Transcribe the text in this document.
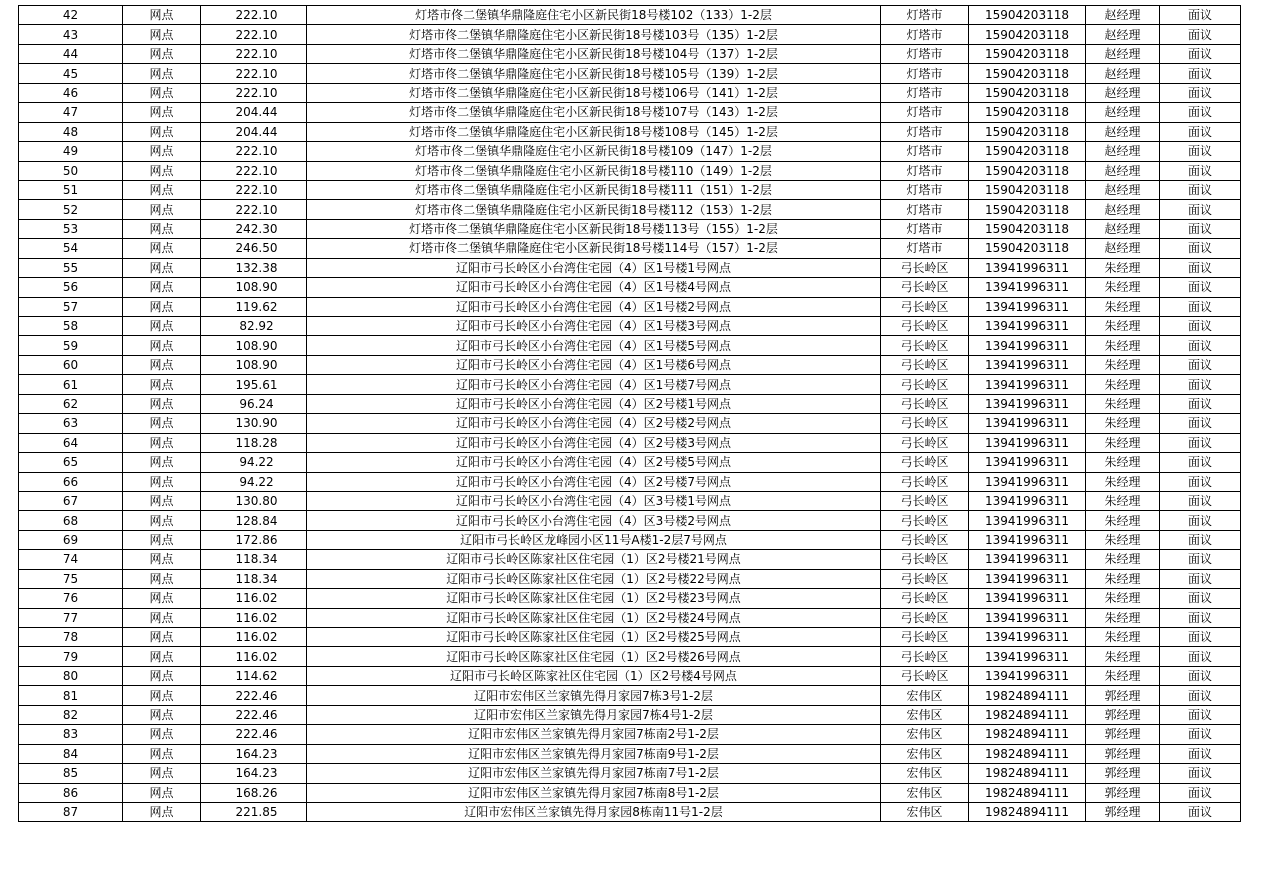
42	网点	222.10	灯塔市佟二堡镇华鼎隆庭住宅小区新民街18号楼102（133）1-2层	灯塔市	15904203118	赵经理	面议
43	网点	222.10	灯塔市佟二堡镇华鼎隆庭住宅小区新民街18号楼103号（135）1-2层	灯塔市	15904203118	赵经理	面议
44	网点	222.10	灯塔市佟二堡镇华鼎隆庭住宅小区新民街18号楼104号（137）1-2层	灯塔市	15904203118	赵经理	面议
45	网点	222.10	灯塔市佟二堡镇华鼎隆庭住宅小区新民街18号楼105号（139）1-2层	灯塔市	15904203118	赵经理	面议
46	网点	222.10	灯塔市佟二堡镇华鼎隆庭住宅小区新民街18号楼106号（141）1-2层	灯塔市	15904203118	赵经理	面议
47	网点	204.44	灯塔市佟二堡镇华鼎隆庭住宅小区新民街18号楼107号（143）1-2层	灯塔市	15904203118	赵经理	面议
48	网点	204.44	灯塔市佟二堡镇华鼎隆庭住宅小区新民街18号楼108号（145）1-2层	灯塔市	15904203118	赵经理	面议
49	网点	222.10	灯塔市佟二堡镇华鼎隆庭住宅小区新民街18号楼109（147）1-2层	灯塔市	15904203118	赵经理	面议
50	网点	222.10	灯塔市佟二堡镇华鼎隆庭住宅小区新民街18号楼110（149）1-2层	灯塔市	15904203118	赵经理	面议
51	网点	222.10	灯塔市佟二堡镇华鼎隆庭住宅小区新民街18号楼111（151）1-2层	灯塔市	15904203118	赵经理	面议
52	网点	222.10	灯塔市佟二堡镇华鼎隆庭住宅小区新民街18号楼112（153）1-2层	灯塔市	15904203118	赵经理	面议
53	网点	242.30	灯塔市佟二堡镇华鼎隆庭住宅小区新民街18号楼113号（155）1-2层	灯塔市	15904203118	赵经理	面议
54	网点	246.50	灯塔市佟二堡镇华鼎隆庭住宅小区新民街18号楼114号（157）1-2层	灯塔市	15904203118	赵经理	面议
55	网点	132.38	辽阳市弓长岭区小台湾住宅园（4）区1号楼1号网点	弓长岭区	13941996311	朱经理	面议
56	网点	108.90	辽阳市弓长岭区小台湾住宅园（4）区1号楼4号网点	弓长岭区	13941996311	朱经理	面议
57	网点	119.62	辽阳市弓长岭区小台湾住宅园（4）区1号楼2号网点	弓长岭区	13941996311	朱经理	面议
58	网点	82.92	辽阳市弓长岭区小台湾住宅园（4）区1号楼3号网点	弓长岭区	13941996311	朱经理	面议
59	网点	108.90	辽阳市弓长岭区小台湾住宅园（4）区1号楼5号网点	弓长岭区	13941996311	朱经理	面议
60	网点	108.90	辽阳市弓长岭区小台湾住宅园（4）区1号楼6号网点	弓长岭区	13941996311	朱经理	面议
61	网点	195.61	辽阳市弓长岭区小台湾住宅园（4）区1号楼7号网点	弓长岭区	13941996311	朱经理	面议
62	网点	96.24	辽阳市弓长岭区小台湾住宅园（4）区2号楼1号网点	弓长岭区	13941996311	朱经理	面议
63	网点	130.90	辽阳市弓长岭区小台湾住宅园（4）区2号楼2号网点	弓长岭区	13941996311	朱经理	面议
64	网点	118.28	辽阳市弓长岭区小台湾住宅园（4）区2号楼3号网点	弓长岭区	13941996311	朱经理	面议
65	网点	94.22	辽阳市弓长岭区小台湾住宅园（4）区2号楼5号网点	弓长岭区	13941996311	朱经理	面议
66	网点	94.22	辽阳市弓长岭区小台湾住宅园（4）区2号楼7号网点	弓长岭区	13941996311	朱经理	面议
67	网点	130.80	辽阳市弓长岭区小台湾住宅园（4）区3号楼1号网点	弓长岭区	13941996311	朱经理	面议
68	网点	128.84	辽阳市弓长岭区小台湾住宅园（4）区3号楼2号网点	弓长岭区	13941996311	朱经理	面议
69	网点	172.86	辽阳市弓长岭区龙峰园小区11号A楼1-2层7号网点	弓长岭区	13941996311	朱经理	面议
74	网点	118.34	辽阳市弓长岭区陈家社区住宅园（1）区2号楼21号网点	弓长岭区	13941996311	朱经理	面议
75	网点	118.34	辽阳市弓长岭区陈家社区住宅园（1）区2号楼22号网点	弓长岭区	13941996311	朱经理	面议
76	网点	116.02	辽阳市弓长岭区陈家社区住宅园（1）区2号楼23号网点	弓长岭区	13941996311	朱经理	面议
77	网点	116.02	辽阳市弓长岭区陈家社区住宅园（1）区2号楼24号网点	弓长岭区	13941996311	朱经理	面议
78	网点	116.02	辽阳市弓长岭区陈家社区住宅园（1）区2号楼25号网点	弓长岭区	13941996311	朱经理	面议
79	网点	116.02	辽阳市弓长岭区陈家社区住宅园（1）区2号楼26号网点	弓长岭区	13941996311	朱经理	面议
80	网点	114.62	辽阳市弓长岭区陈家社区住宅园（1）区2号楼4号网点	弓长岭区	13941996311	朱经理	面议
81	网点	222.46	辽阳市宏伟区兰家镇先得月家园7栋3号1-2层	宏伟区	19824894111	郭经理	面议
82	网点	222.46	辽阳市宏伟区兰家镇先得月家园7栋4号1-2层	宏伟区	19824894111	郭经理	面议
83	网点	222.46	辽阳市宏伟区兰家镇先得月家园7栋南2号1-2层	宏伟区	19824894111	郭经理	面议
84	网点	164.23	辽阳市宏伟区兰家镇先得月家园7栋南9号1-2层	宏伟区	19824894111	郭经理	面议
85	网点	164.23	辽阳市宏伟区兰家镇先得月家园7栋南7号1-2层	宏伟区	19824894111	郭经理	面议
86	网点	168.26	辽阳市宏伟区兰家镇先得月家园7栋南8号1-2层	宏伟区	19824894111	郭经理	面议
87	网点	221.85	辽阳市宏伟区兰家镇先得月家园8栋南11号1-2层	宏伟区	19824894111	郭经理	面议
